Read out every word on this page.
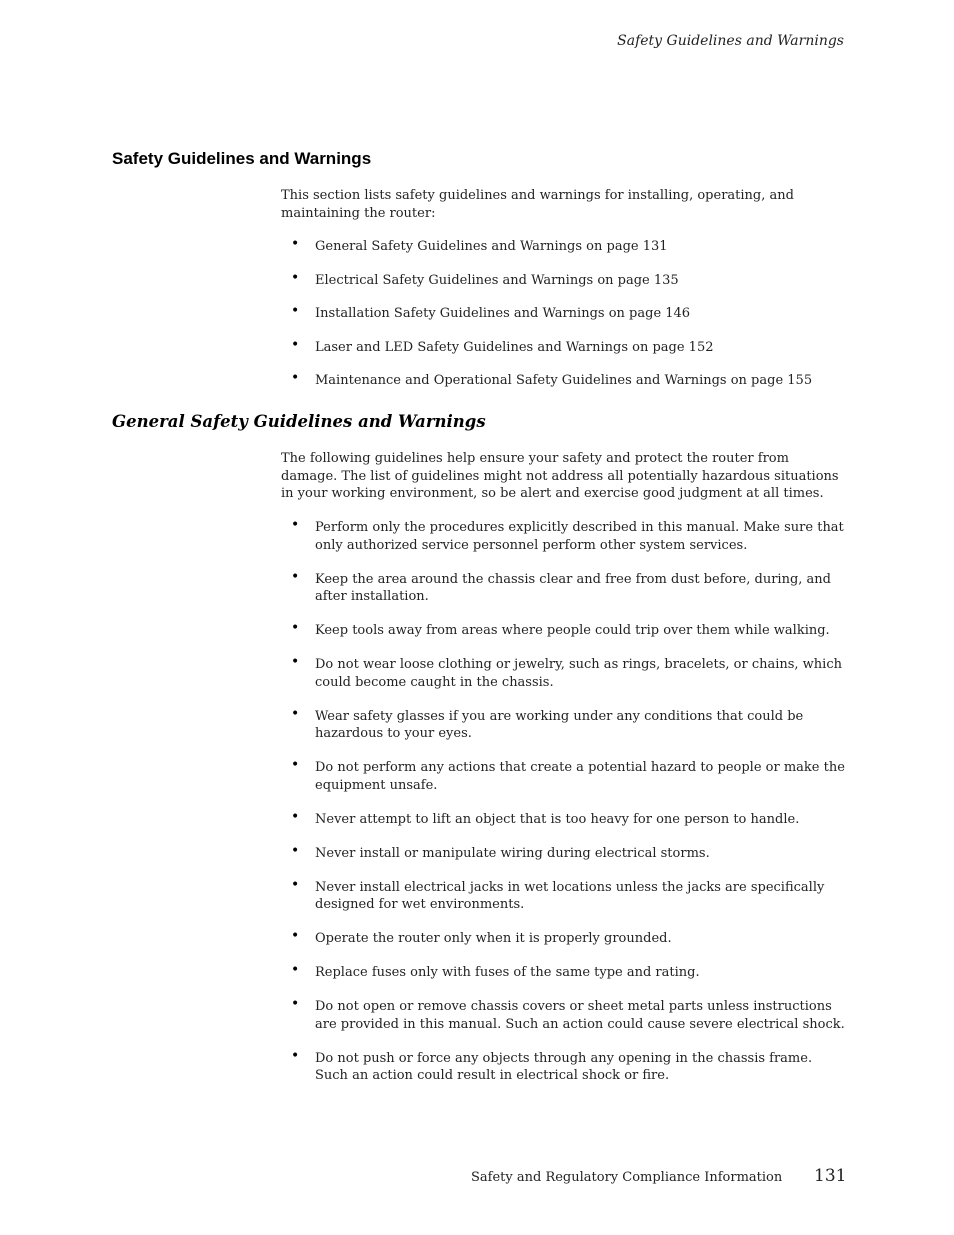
Safety Guidelines and Warnings
Safety Guidelines and Warnings

This section lists safety guidelines and warnings for installing, operating, and maintaining the router:

• General Safety Guidelines and Warnings on page 131
• Electrical Safety Guidelines and Warnings on page 135
• Installation Safety Guidelines and Warnings on page 146
• Laser and LED Safety Guidelines and Warnings on page 152
• Maintenance and Operational Safety Guidelines and Warnings on page 155
General Safety Guidelines and Warnings

The following guidelines help ensure your safety and protect the router from damage. The list of guidelines might not address all potentially hazardous situations in your working environment, so be alert and exercise good judgment at all times.

• Perform only the procedures explicitly described in this manual. Make sure that only authorized service personnel perform other system services.
• Keep the area around the chassis clear and free from dust before, during, and after installation.
• Keep tools away from areas where people could trip over them while walking.
• Do not wear loose clothing or jewelry, such as rings, bracelets, or chains, which could become caught in the chassis.
• Wear safety glasses if you are working under any conditions that could be hazardous to your eyes.
• Do not perform any actions that create a potential hazard to people or make the equipment unsafe.
• Never attempt to lift an object that is too heavy for one person to handle.
• Never install or manipulate wiring during electrical storms.
• Never install electrical jacks in wet locations unless the jacks are specifically designed for wet environments.
• Operate the router only when it is properly grounded.
• Replace fuses only with fuses of the same type and rating.
• Do not open or remove chassis covers or sheet metal parts unless instructions are provided in this manual. Such an action could cause severe electrical shock.
• Do not push or force any objects through any opening in the chassis frame. Such an action could result in electrical shock or fire.
Safety and Regulatory Compliance Information 131
